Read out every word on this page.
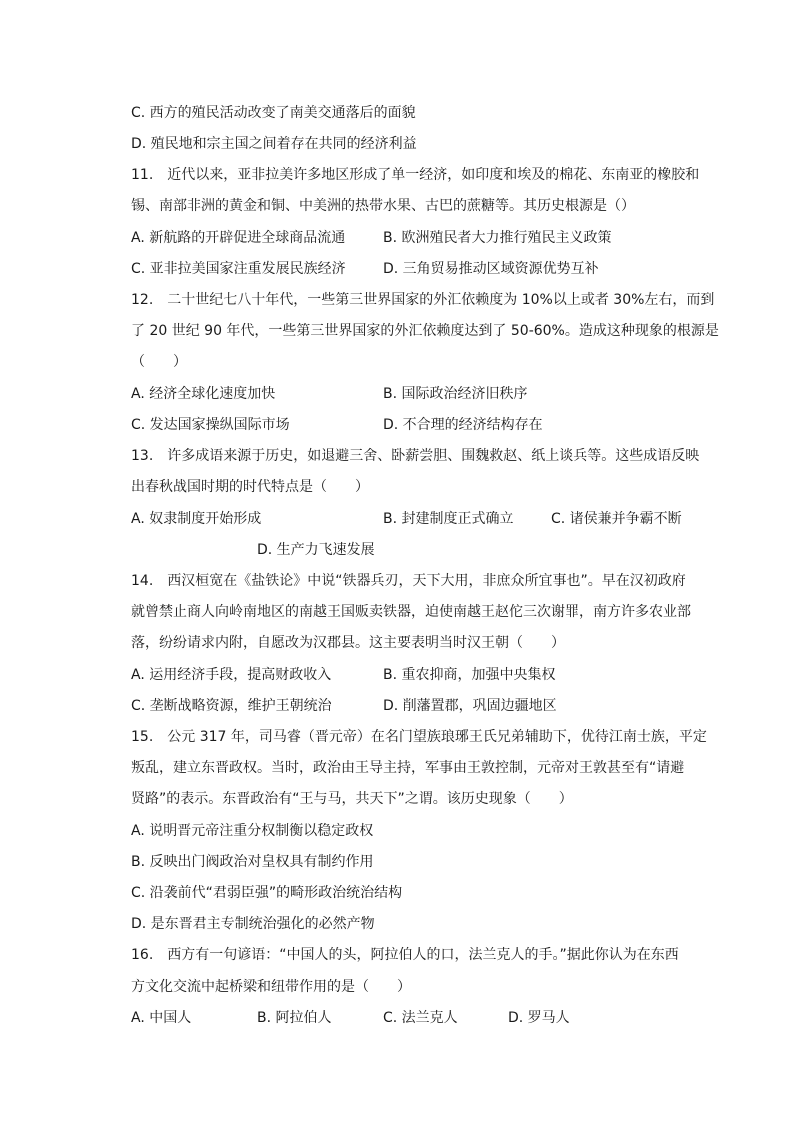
C. 西方的殖民活动改变了南美交通落后的面貌
D. 殖民地和宗主国之间着存在共同的经济利益
11.　近代以来，亚非拉美许多地区形成了单一经济，如印度和埃及的棉花、东南亚的橡胶和
锡、南部非洲的黄金和铜、中美洲的热带水果、古巴的蔗糖等。其历史根源是（）
A. 新航路的开辟促进全球商品流通	B. 欧洲殖民者大力推行殖民主义政策
C. 亚非拉美国家注重发展民族经济	D. 三角贸易推动区域资源优势互补
12.　二十世纪七八十年代，一些第三世界国家的外汇依赖度为 10%以上或者 30%左右，而到
了 20 世纪 90 年代，一些第三世界国家的外汇依赖度达到了 50-60%。造成这种现象的根源是
（　　）
A. 经济全球化速度加快	B. 国际政治经济旧秩序
C. 发达国家操纵国际市场	D. 不合理的经济结构存在
13.　许多成语来源于历史，如退避三舍、卧薪尝胆、围魏救赵、纸上谈兵等。这些成语反映
出春秋战国时期的时代特点是（　　）
A. 奴隶制度开始形成	B. 封建制度正式确立	C. 诸侯兼并争霸不断
D. 生产力飞速发展
14.　西汉桓宽在《盐铁论》中说“铁器兵刃，天下大用，非庶众所宜事也”。早在汉初政府
就曾禁止商人向岭南地区的南越王国贩卖铁器，迫使南越王赵佗三次谢罪，南方许多农业部
落，纷纷请求内附，自愿改为汉郡县。这主要表明当时汉王朝（　　）
A. 运用经济手段，提高财政收入	B. 重农抑商，加强中央集权
C. 垄断战略资源，维护王朝统治	D. 削藩置郡，巩固边疆地区
15.　公元 317 年，司马睿（晋元帝）在名门望族琅琊王氏兄弟辅助下，优待江南士族，平定
叛乱，建立东晋政权。当时，政治由王导主持，军事由王敦控制，元帝对王敦甚至有“请避
贤路”的表示。东晋政治有“王与马，共天下”之谓。该历史现象（　　）
A. 说明晋元帝注重分权制衡以稳定政权
B. 反映出门阀政治对皇权具有制约作用
C. 沿袭前代“君弱臣强”的畸形政治统治结构
D. 是东晋君主专制统治强化的必然产物
16.　西方有一句谚语：“中国人的头，阿拉伯人的口，法兰克人的手。”据此你认为在东西
方文化交流中起桥梁和纽带作用的是（　　）
A. 中国人	B. 阿拉伯人	C. 法兰克人	D. 罗马人
